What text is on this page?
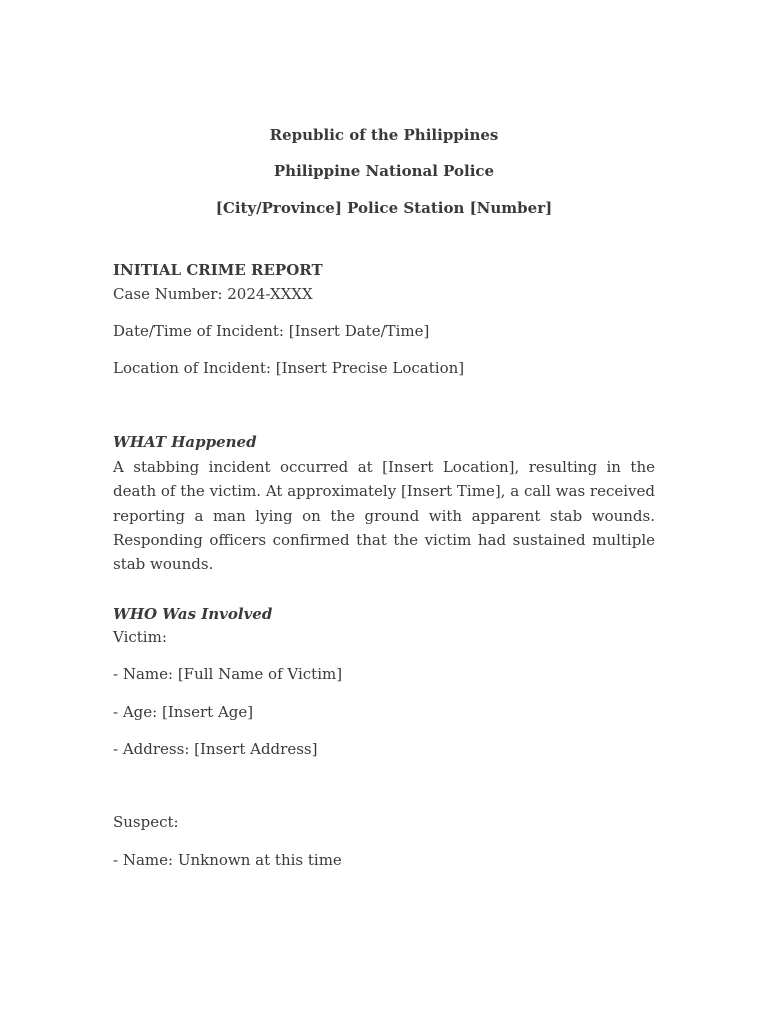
Republic of the Philippines
Philippine National Police
[City/Province] Police Station [Number]
INITIAL CRIME REPORT
Case Number: 2024-XXXX
Date/Time of Incident: [Insert Date/Time]
Location of Incident: [Insert Precise Location]
WHAT Happened
A stabbing incident occurred at [Insert Location], resulting in the death of the victim. At approximately [Insert Time], a call was received reporting a man lying on the ground with apparent stab wounds. Responding officers confirmed that the victim had sustained multiple stab wounds.
WHO Was Involved
Victim:
- Name: [Full Name of Victim]
- Age: [Insert Age]
- Address: [Insert Address]
Suspect:
- Name: Unknown at this time
